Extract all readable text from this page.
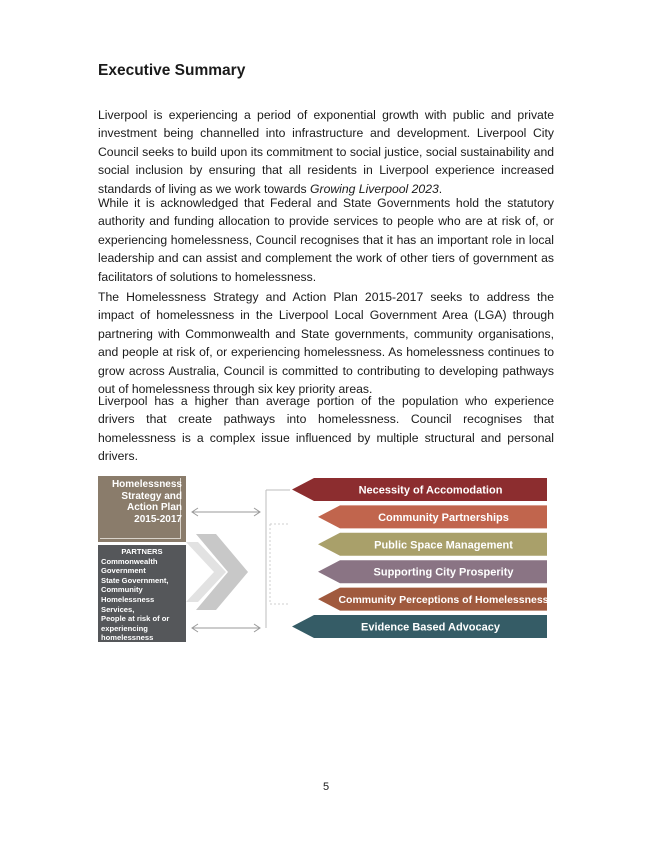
Executive Summary

Liverpool is experiencing a period of exponential growth with public and private investment being channelled into infrastructure and development. Liverpool City Council seeks to build upon its commitment to social justice, social sustainability and social inclusion by ensuring that all residents in Liverpool experience increased standards of living as we work towards Growing Liverpool 2023.

While it is acknowledged that Federal and State Governments hold the statutory authority and funding allocation to provide services to people who are at risk of, or experiencing homelessness, Council recognises that it has an important role in local leadership and can assist and complement the work of other tiers of government as facilitators of solutions to homelessness.

The Homelessness Strategy and Action Plan 2015-2017 seeks to address the impact of homelessness in the Liverpool Local Government Area (LGA) through partnering with Commonwealth and State governments, community organisations, and people at risk of, or experiencing homelessness. As homelessness continues to grow across Australia, Council is committed to contributing to developing pathways out of homelessness through six key priority areas.

Liverpool has a higher than average portion of the population who experience drivers that create pathways into homelessness. Council recognises that homelessness is a complex issue influenced by multiple structural and personal drivers.

Homelessness
Strategy and
Action Plan
2015-2017
PARTNERS
Commonwealth
Government
State Government,
Community
Homelessness Services,
People at risk of or
experiencing
homelessness
Necessity of Accomodation
Community Partnerships
Public Space Management
Supporting City Prosperity
Community Perceptions of Homelessness
Evidence Based Advocacy
5
